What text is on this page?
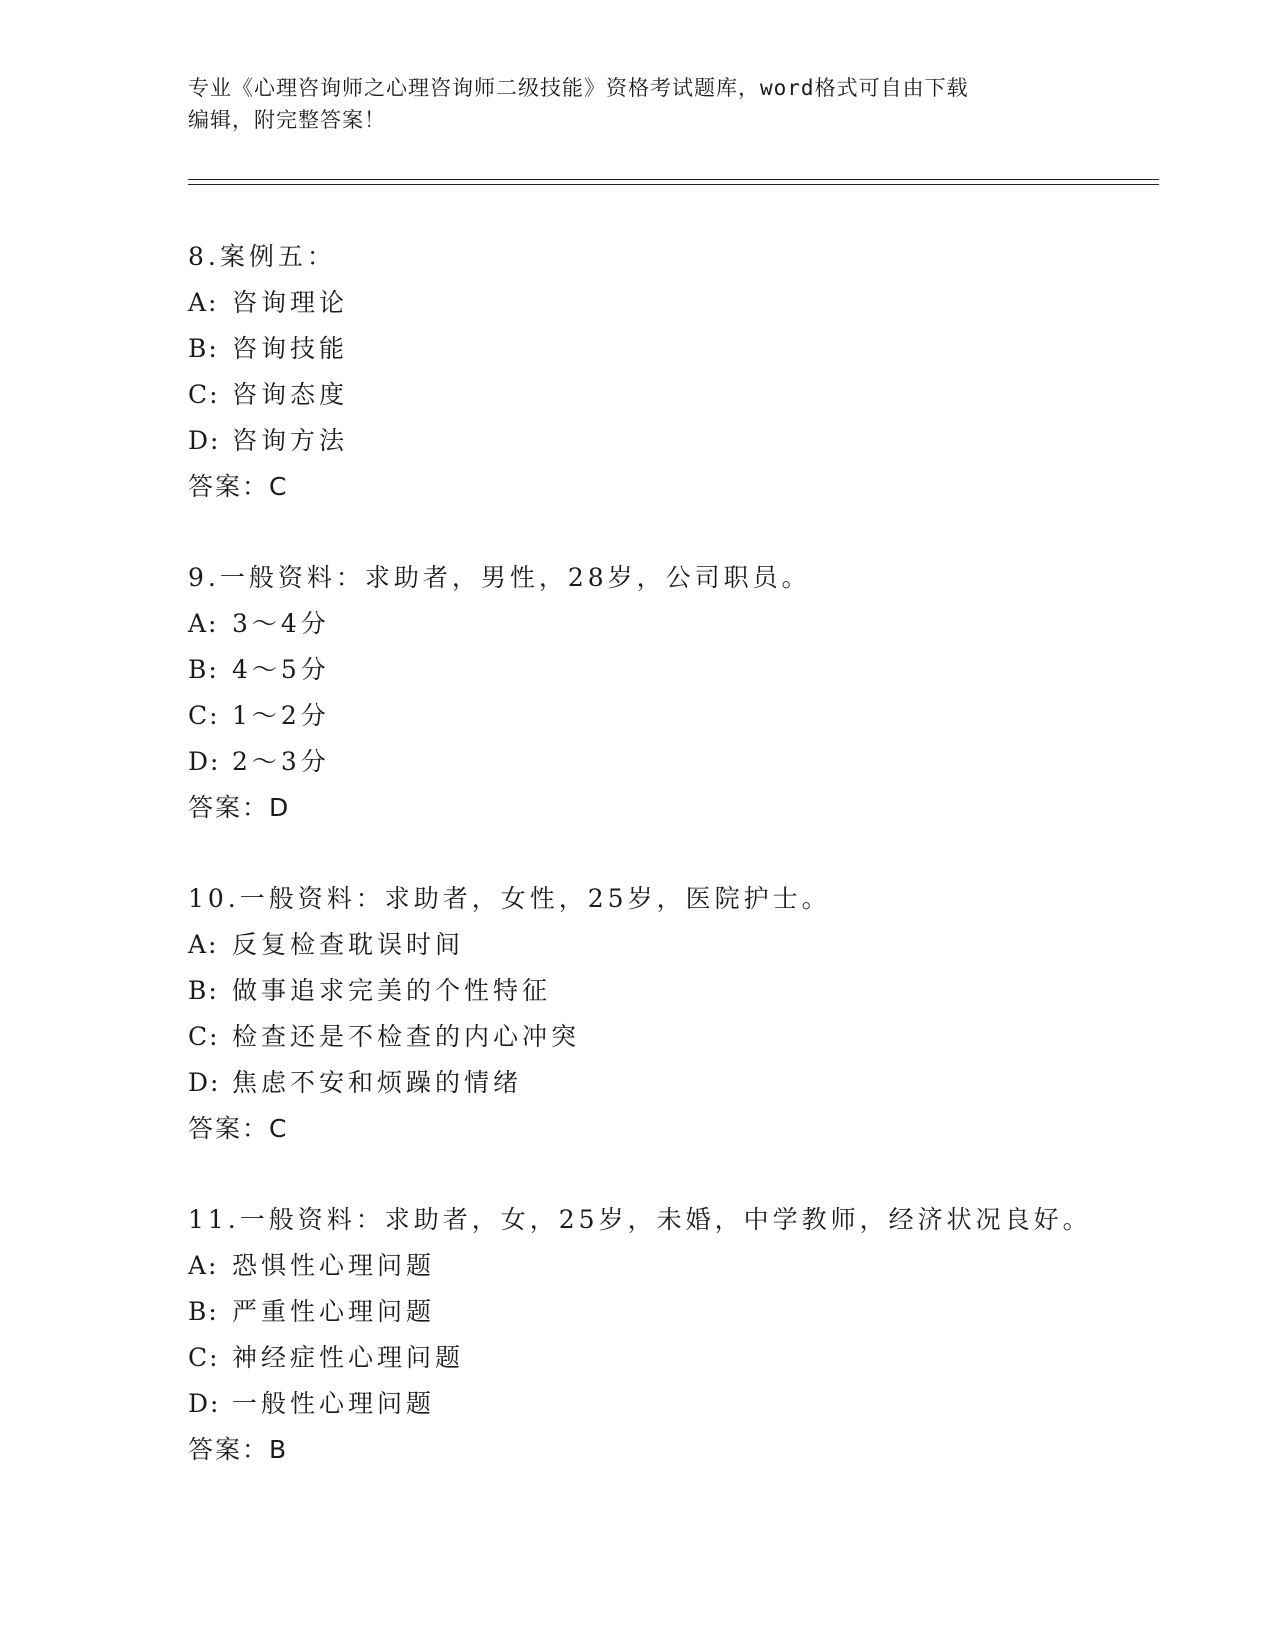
专业《心理咨询师之心理咨询师二级技能》资格考试题库，word格式可自由下载
编辑，附完整答案！
8.案例五：
A: 咨询理论
B: 咨询技能
C: 咨询态度
D: 咨询方法
答案：C
9.一般资料：求助者，男性，28岁，公司职员。
A: 3～4分
B: 4～5分
C: 1～2分
D: 2～3分
答案：D
10.一般资料：求助者，女性，25岁，医院护士。
A: 反复检查耽误时间
B: 做事追求完美的个性特征
C: 检查还是不检查的内心冲突
D: 焦虑不安和烦躁的情绪
答案：C
11.一般资料：求助者，女，25岁，未婚，中学教师，经济状况良好。
A: 恐惧性心理问题
B: 严重性心理问题
C: 神经症性心理问题
D: 一般性心理问题
答案：B
